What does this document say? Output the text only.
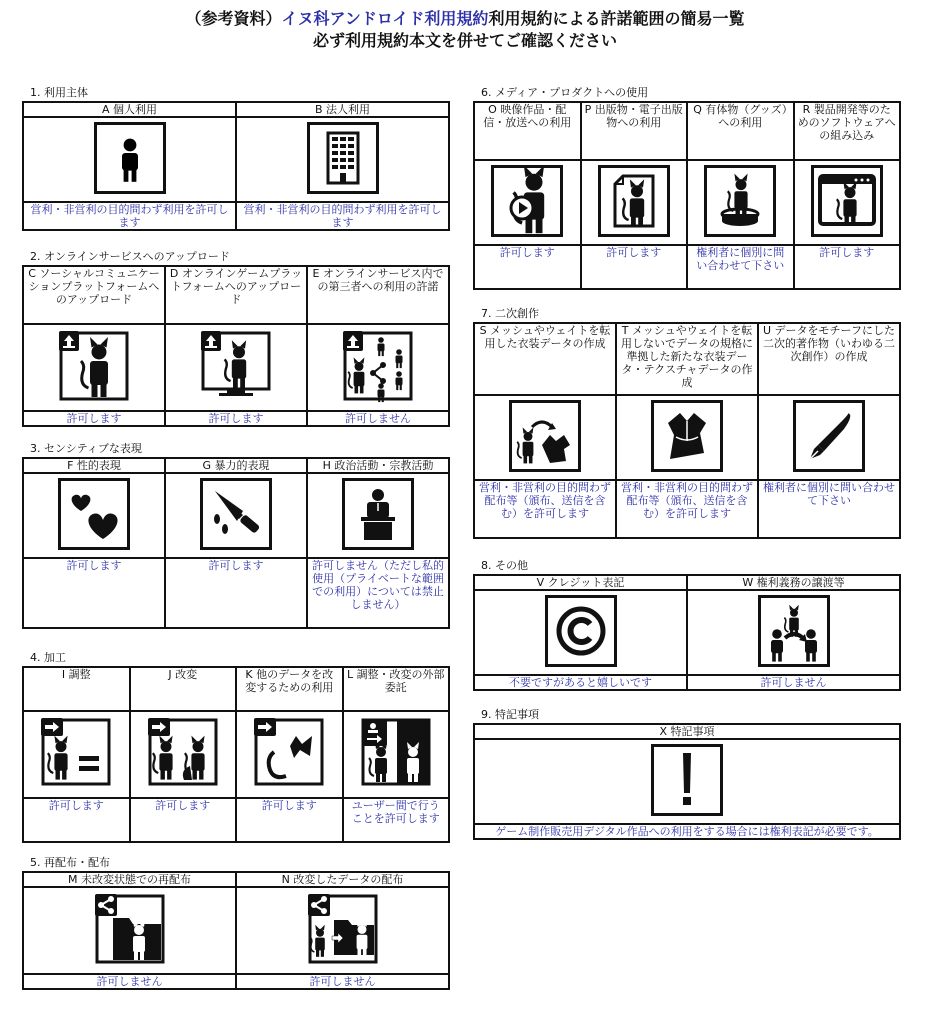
（参考資料）イヌ科アンドロイド利用規約利用規約による許諾範囲の簡易一覧
必ず利用規約本文を併せてご確認ください
1. 利用主体
A 個人利用	B 法人利用

営利・非営利の目的問わず利用を許可します	営利・非営利の目的問わず利用を許可します
2. オンラインサービスへのアップロード
C ソーシャルコミュニケーションプラットフォームへのアップロード	D オンラインゲームプラットフォームへのアップロード	E オンラインサービス内での第三者への利用の許諾

許可します	許可します	許可しません
3. センシティブな表現
F 性的表現	G 暴力的表現	H 政治活動・宗教活動

許可します	許可します	許可しません（ただし私的使用（プライベートな範囲での利用）については禁止しません）
4. 加工
I 調整	J 改変	K 他のデータを改変するための利用	L 調整・改変の外部委託

許可します	許可します	許可します	ユーザー間で行うことを許可します
5. 再配布・配布
M 未改変状態での再配布	N 改変したデータの配布

許可しません	許可しません
6. メディア・プロダクトへの使用
O 映像作品・配信・放送への利用	P 出版物・電子出版物への利用	Q 有体物（グッズ）への利用	R 製品開発等のためのソフトウェアへの組み込み

許可します	許可します	権利者に個別に問い合わせて下さい	許可します
7. 二次創作
S メッシュやウェイトを転用した衣装データの作成	T メッシュやウェイトを転用しないでデータの規格に準拠した新たな衣装データ・テクスチャデータの作成	U データをモチーフにした二次的著作物（いわゆる二次創作）の作成

営利・非営利の目的問わず配布等（頒布、送信を含む）を許可します	営利・非営利の目的問わず配布等（頒布、送信を含む）を許可します	権利者に個別に問い合わせて下さい
8. その他
V クレジット表記	W 権利義務の譲渡等

不要ですがあると嬉しいです	許可しません
9. 特記事項
X 特記事項

ゲーム制作販売用デジタル作品への利用をする場合には権利表記が必要です。
